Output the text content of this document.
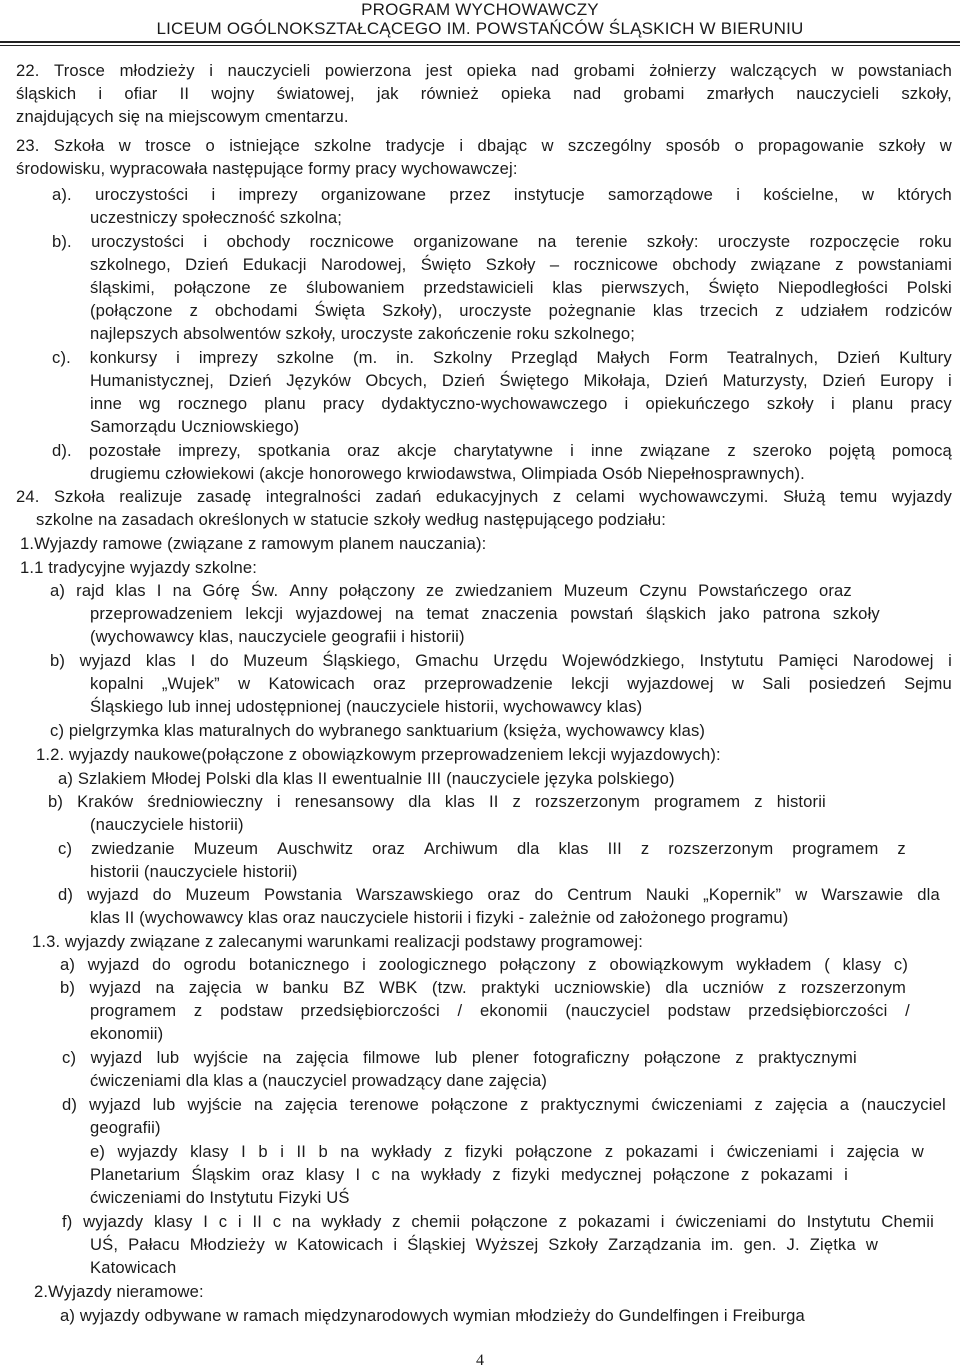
PROGRAM WYCHOWAWCZY
LICEUM OGÓLNOKSZTAŁCĄCEGO IM. POWSTAŃCÓW ŚLĄSKICH W BIERUNIU
22. Trosce młodzieży i nauczycieli powierzona jest opieka nad grobami żołnierzy walczących w powstaniach
śląskich i ofiar II wojny światowej, jak również opieka nad grobami zmarłych nauczycieli szkoły,
znajdujących się na miejscowym cmentarzu.
23. Szkoła w trosce o istniejące szkolne tradycje i dbając w szczególny sposób o propagowanie szkoły w
środowisku, wypracowała następujące formy pracy wychowawczej:
a). uroczystości i imprezy organizowane przez instytucje samorządowe i kościelne, w których
uczestniczy społeczność szkolna;
b). uroczystości i obchody rocznicowe organizowane na terenie szkoły: uroczyste rozpoczęcie roku
szkolnego, Dzień Edukacji Narodowej, Święto Szkoły – rocznicowe obchody związane z powstaniami
śląskimi, połączone ze ślubowaniem przedstawicieli klas pierwszych, Święto Niepodległości Polski
(połączone z obchodami Święta Szkoły), uroczyste pożegnanie klas trzecich z udziałem rodziców
najlepszych absolwentów szkoły, uroczyste zakończenie roku szkolnego;
c). konkursy i imprezy szkolne (m. in. Szkolny Przegląd Małych Form Teatralnych, Dzień Kultury
Humanistycznej, Dzień Języków Obcych, Dzień Świętego Mikołaja, Dzień Maturzysty, Dzień Europy i
inne wg rocznego planu pracy dydaktyczno-wychowawczego i opiekuńczego szkoły i planu pracy
Samorządu Uczniowskiego)
d). pozostałe imprezy, spotkania oraz akcje charytatywne i inne związane z szeroko pojętą pomocą
drugiemu człowiekowi (akcje honorowego krwiodawstwa, Olimpiada Osób Niepełnosprawnych).
24. Szkoła realizuje zasadę integralności zadań edukacyjnych z celami wychowawczymi. Służą temu wyjazdy
szkolne na zasadach określonych w statucie szkoły według następującego podziału:
1.Wyjazdy ramowe (związane z ramowym planem nauczania):
1.1 tradycyjne wyjazdy szkolne:
a) rajd klas I na Górę Św. Anny połączony ze zwiedzaniem Muzeum Czynu Powstańczego oraz
przeprowadzeniem lekcji wyjazdowej na temat znaczenia powstań śląskich jako patrona szkoły
(wychowawcy klas, nauczyciele geografii i historii)
b) wyjazd klas I do Muzeum Śląskiego, Gmachu Urzędu Wojewódzkiego, Instytutu Pamięci Narodowej i
kopalni „Wujek” w Katowicach oraz przeprowadzenie lekcji wyjazdowej w Sali posiedzeń Sejmu
Śląskiego lub innej udostępnionej (nauczyciele historii, wychowawcy klas)
c) pielgrzymka klas maturalnych do wybranego sanktuarium (księża, wychowawcy klas)
1.2. wyjazdy naukowe(połączone z obowiązkowym przeprowadzeniem lekcji wyjazdowych):
a) Szlakiem Młodej Polski dla klas II ewentualnie III (nauczyciele języka polskiego)
b) Kraków średniowieczny i renesansowy dla klas II z rozszerzonym programem z historii
(nauczyciele historii)
c) zwiedzanie Muzeum Auschwitz oraz Archiwum dla klas III z rozszerzonym programem z
historii (nauczyciele historii)
d) wyjazd do Muzeum Powstania Warszawskiego oraz do Centrum Nauki „Kopernik” w Warszawie dla
klas II (wychowawcy klas oraz nauczyciele historii i fizyki - zależnie od założonego programu)
1.3. wyjazdy związane z zalecanymi warunkami realizacji podstawy programowej:
a) wyjazd do ogrodu botanicznego i zoologicznego połączony z obowiązkowym wykładem ( klasy c)
b) wyjazd na zajęcia w banku BZ WBK (tzw. praktyki uczniowskie) dla uczniów z rozszerzonym
programem z podstaw przedsiębiorczości / ekonomii (nauczyciel podstaw przedsiębiorczości /
ekonomii)
c) wyjazd lub wyjście na zajęcia filmowe lub plener fotograficzny połączone z praktycznymi
ćwiczeniami dla klas a (nauczyciel prowadzący dane zajęcia)
d) wyjazd lub wyjście na zajęcia terenowe połączone z praktycznymi ćwiczeniami z zajęcia a (nauczyciel
geografii)
e) wyjazdy klasy I b i II b na wykłady z fizyki połączone z pokazami i ćwiczeniami i zajęcia w
Planetarium Śląskim oraz klasy I c na wykłady z fizyki medycznej połączone z pokazami i
ćwiczeniami do Instytutu Fizyki UŚ
f) wyjazdy klasy I c i II c na wykłady z chemii połączone z pokazami i ćwiczeniami do Instytutu Chemii
UŚ, Pałacu Młodzieży w Katowicach i Śląskiej Wyższej Szkoły Zarządzania im. gen. J. Ziętka w
Katowicach
2.Wyjazdy nieramowe:
a) wyjazdy odbywane w ramach międzynarodowych wymian młodzieży do Gundelfingen i Freiburga
4
